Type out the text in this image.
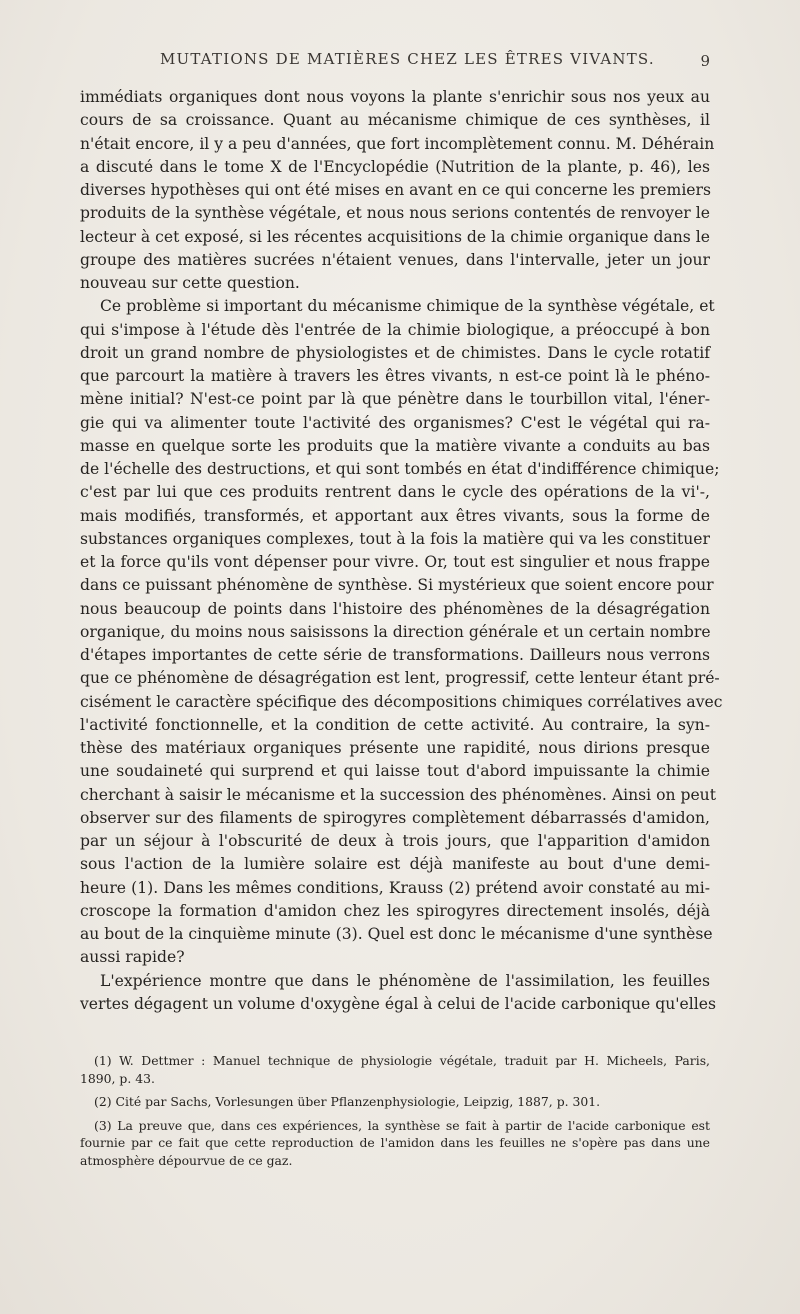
MUTATIONS DE MATIÈRES CHEZ LES ÊTRES VIVANTS.	9
immédiats organiques dont nous voyons la plante s'enrichir sous nos yeux au
cours de sa croissance. Quant au mécanisme chimique de ces synthèses, il
n'était encore, il y a peu d'années, que fort incomplètement connu. M. Déhérain
a discuté dans le tome X de l'Encyclopédie (Nutrition de la plante, p. 46), les
diverses hypothèses qui ont été mises en avant en ce qui concerne les premiers
produits de la synthèse végétale, et nous nous serions contentés de renvoyer le
lecteur à cet exposé, si les récentes acquisitions de la chimie organique dans le
groupe des matières sucrées n'étaient venues, dans l'intervalle, jeter un jour
nouveau sur cette question.
Ce problème si important du mécanisme chimique de la synthèse végétale, et
qui s'impose à l'étude dès l'entrée de la chimie biologique, a préoccupé à bon
droit un grand nombre de physiologistes et de chimistes. Dans le cycle rotatif
que parcourt la matière à travers les êtres vivants, n est-ce point là le phéno-
mène initial? N'est-ce point par là que pénètre dans le tourbillon vital, l'éner-
gie qui va alimenter toute l'activité des organismes? C'est le végétal qui ra-
masse en quelque sorte les produits que la matière vivante a conduits au bas
de l'échelle des destructions, et qui sont tombés en état d'indifférence chimique;
c'est par lui que ces produits rentrent dans le cycle des opérations de la vi'-,
mais modifiés, transformés, et apportant aux êtres vivants, sous la forme de
substances organiques complexes, tout à la fois la matière qui va les constituer
et la force qu'ils vont dépenser pour vivre. Or, tout est singulier et nous frappe
dans ce puissant phénomène de synthèse. Si mystérieux que soient encore pour
nous beaucoup de points dans l'histoire des phénomènes de la désagrégation
organique, du moins nous saisissons la direction générale et un certain nombre
d'étapes importantes de cette série de transformations. Dailleurs nous verrons
que ce phénomène de désagrégation est lent, progressif, cette lenteur étant pré-
cisément le caractère spécifique des décompositions chimiques corrélatives avec
l'activité fonctionnelle, et la condition de cette activité. Au contraire, la syn-
thèse des matériaux organiques présente une rapidité, nous dirions presque
une soudaineté qui surprend et qui laisse tout d'abord impuissante la chimie
cherchant à saisir le mécanisme et la succession des phénomènes. Ainsi on peut
observer sur des filaments de spirogyres complètement débarrassés d'amidon,
par un séjour à l'obscurité de deux à trois jours, que l'apparition d'amidon
sous l'action de la lumière solaire est déjà manifeste au bout d'une demi-
heure (1). Dans les mêmes conditions, Krauss (2) prétend avoir constaté au mi-
croscope la formation d'amidon chez les spirogyres directement insolés, déjà
au bout de la cinquième minute (3). Quel est donc le mécanisme d'une synthèse
aussi rapide?
L'expérience montre que dans le phénomène de l'assimilation, les feuilles
vertes dégagent un volume d'oxygène égal à celui de l'acide carbonique qu'elles
(1) W. Dettmer : Manuel technique de physiologie végétale, traduit par H. Micheels, Paris,
1890, p. 43.
(2) Cité par Sachs, Vorlesungen über Pflanzenphysiologie, Leipzig, 1887, p. 301.
(3) La preuve que, dans ces expériences, la synthèse se fait à partir de l'acide carbonique est
fournie par ce fait que cette reproduction de l'amidon dans les feuilles ne s'opère pas dans une
atmosphère dépourvue de ce gaz.
